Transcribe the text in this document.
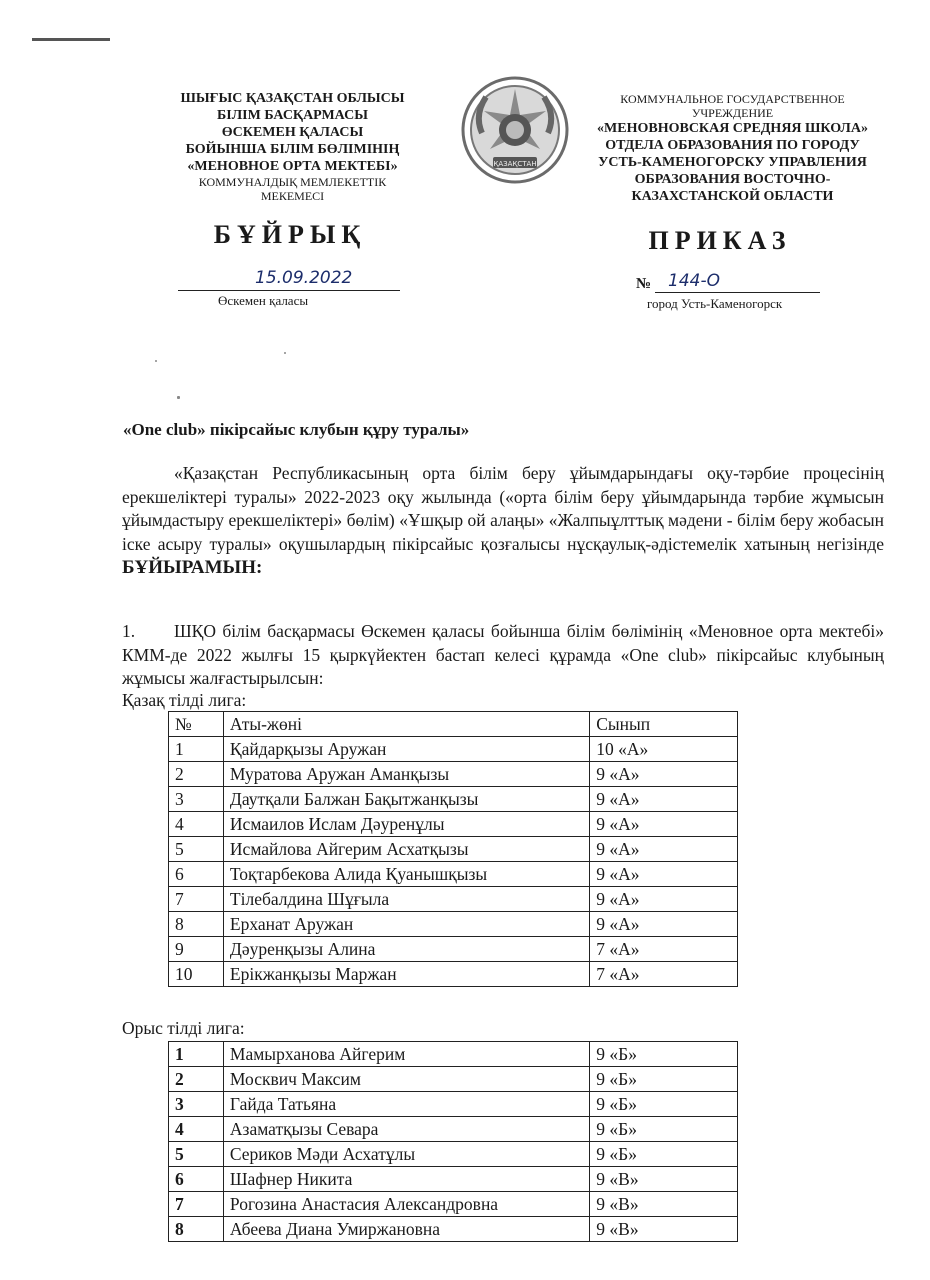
ШЫҒЫС ҚАЗАҚСТАН ОБЛЫСЫ
БІЛІМ БАСҚАРМАСЫ
ӨСКЕМЕН ҚАЛАСЫ
БОЙЫНША БІЛІМ БӨЛІМІНІҢ
«МЕНОВНОЕ ОРТА МЕКТЕБІ»
КОММУНАЛДЫҚ МЕМЛЕКЕТТІК
МЕКЕМЕСІ
ҚАЗАҚСТАН
КОММУНАЛЬНОЕ ГОСУДАРСТВЕННОЕ
УЧРЕЖДЕНИЕ
«МЕНОВНОВСКАЯ СРЕДНЯЯ ШКОЛА»
ОТДЕЛА ОБРАЗОВАНИЯ ПО ГОРОДУ
УСТЬ-КАМЕНОГОРСКУ УПРАВЛЕНИЯ
ОБРАЗОВАНИЯ ВОСТОЧНО-
КАЗАХСТАНСКОЙ ОБЛАСТИ
БҰЙРЫҚ	ПРИКАЗ
15.09.2022
Өскемен қаласы
№ 144-О
город Усть-Каменогорск
«One club» пікірсайыс клубын құру туралы»

«Қазақстан Республикасының орта білім беру ұйымдарындағы оқу-тәрбие процесінің ерекшеліктері туралы» 2022-2023 оқу жылында («орта білім беру ұйымдарында тәрбие жұмысын ұйымдастыру ерекшеліктері» бөлім) «Ұшқыр ой алаңы» «Жалпыұлттық мәдени - білім беру жобасын іске асыру туралы» оқушылардың пікірсайыс қозғалысы нұсқаулық-әдістемелік хатының негізінде БҰЙЫРАМЫН:

1. ШҚО білім басқармасы Өскемен қаласы бойынша білім бөлімінің «Меновное орта мектебі» КММ-де 2022 жылғы 15 қыркүйектен бастап келесі құрамда «One club» пікірсайыс клубының жұмысы жалғастырылсын:

Қазақ тілді лига:
№	Аты-жөні	Сынып
1	Қайдарқызы Аружан	10 «А»
2	Муратова Аружан Аманқызы	9 «А»
3	Даутқали Балжан Бақытжанқызы	9 «А»
4	Исмаилов Ислам Дәуренұлы	9 «А»
5	Исмайлова Айгерим Асхатқызы	9 «А»
6	Тоқтарбекова Алида Қуанышқызы	9 «А»
7	Тілебалдина Шұғыла	9 «А»
8	Ерханат Аружан	9 «А»
9	Дәуренқызы Алина	7 «А»
10	Ерікжанқызы Маржан	7 «А»
Орыс тілді лига:
1	Мамырханова Айгерим	9 «Б»
2	Москвич Максим	9 «Б»
3	Гайда Татьяна	9 «Б»
4	Азаматқызы Севара	9 «Б»
5	Сериков Мәди Асхатұлы	9 «Б»
6	Шафнер Никита	9 «В»
7	Рогозина Анастасия Александровна	9 «В»
8	Абеева Диана Умиржановна	9 «В»
